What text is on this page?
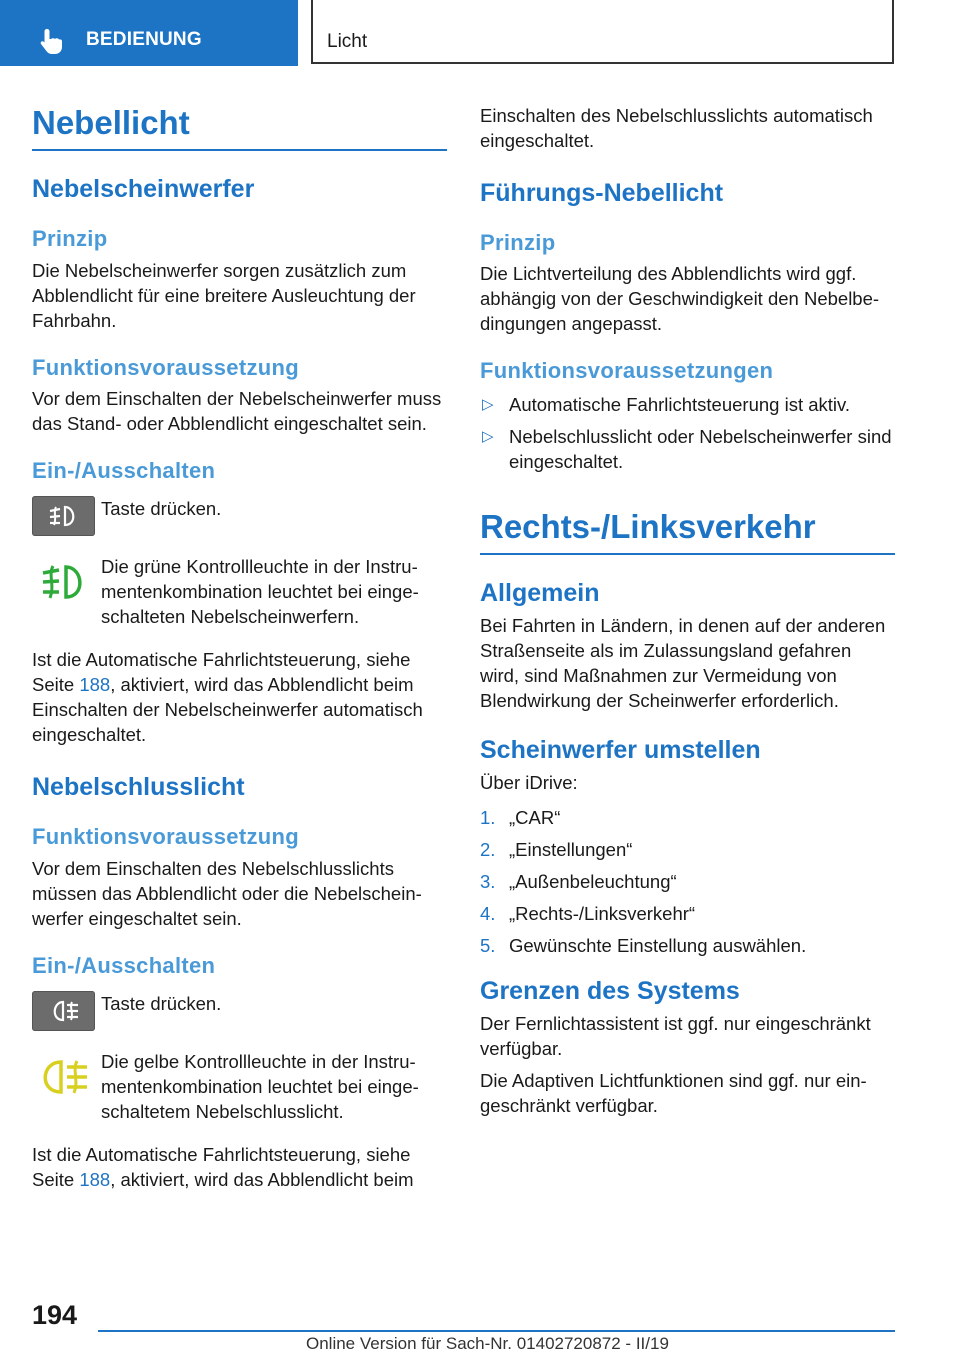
BEDIENUNG	Licht
Nebellicht
Nebelscheinwerfer
Prinzip

Die Nebelscheinwerfer sorgen zusätzlich zum Abblendlicht für eine breitere Ausleuchtung der Fahrbahn.

Funktionsvoraussetzung

Vor dem Einschalten der Nebelscheinwerfer muss das Stand- oder Abblendlicht eingeschaltet sein.

Ein-/Ausschalten

Taste drücken.

Die grüne Kontrollleuchte in der Instrumentenkombination leuchtet bei eingeschalteten Nebelscheinwerfern.

Ist die Automatische Fahrlichtsteuerung, siehe Seite 188, aktiviert, wird das Abblendlicht beim Einschalten der Nebelscheinwerfer automatisch eingeschaltet.

Nebelschlusslicht
Funktionsvoraussetzung

Vor dem Einschalten des Nebelschlusslichts müssen das Abblendlicht oder die Nebelscheinwerfer eingeschaltet sein.

Ein-/Ausschalten

Taste drücken.

Die gelbe Kontrollleuchte in der Instrumentenkombination leuchtet bei eingeschaltetem Nebelschlusslicht.

Ist die Automatische Fahrlichtsteuerung, siehe Seite 188, aktiviert, wird das Abblendlicht beim

Einschalten des Nebelschlusslichts automatisch eingeschaltet.

Führungs-Nebellicht
Prinzip

Die Lichtverteilung des Abblendlichts wird ggf. abhängig von der Geschwindigkeit den Nebelbedingungen angepasst.

Funktionsvoraussetzungen
▷ Automatische Fahrlichtsteuerung ist aktiv.
▷ Nebelschlusslicht oder Nebelscheinwerfer sind eingeschaltet.
Rechts-/Linksverkehr
Allgemein

Bei Fahrten in Ländern, in denen auf der anderen Straßenseite als im Zulassungsland gefahren wird, sind Maßnahmen zur Vermeidung von Blendwirkung der Scheinwerfer erforderlich.

Scheinwerfer umstellen

Über iDrive:

1. „CAR“
2. „Einstellungen“
3. „Außenbeleuchtung“
4. „Rechts-/Linksverkehr“
5. Gewünschte Einstellung auswählen.
Grenzen des Systems

Der Fernlichtassistent ist ggf. nur eingeschränkt verfügbar.

Die Adaptiven Lichtfunktionen sind ggf. nur eingeschränkt verfügbar.

194
Online Version für Sach-Nr. 01402720872 - II/19
